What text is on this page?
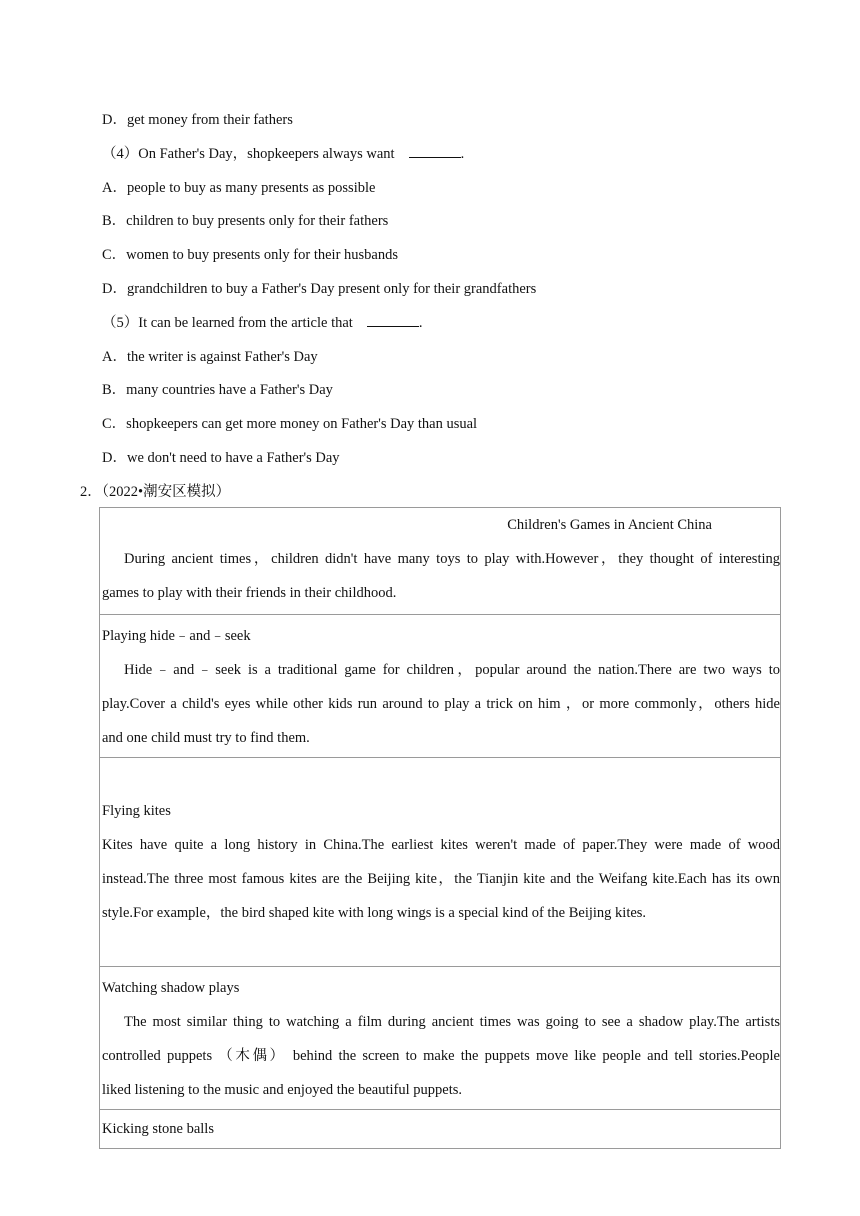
D．get money from their fathers
（4）On Father's Day，shopkeepers always want	.
A．people to buy as many presents as possible
B．children to buy presents only for their fathers
C．women to buy presents only for their husbands
D．grandchildren to buy a Father's Day present only for their grandfathers
（5）It can be learned from the article that	.
A．the writer is against Father's Day
B．many countries have a Father's Day
C．shopkeepers can get more money on Father's Day than usual
D．we don't need to have a Father's Day
2．（2022•潮安区模拟）
Children's Games in Ancient China
During ancient times，children didn't have many toys to play with.However，they thought of interesting
games to play with their friends in their childhood.

Playing hide﹣and﹣seek
Hide﹣and﹣seek is a traditional game for children，popular around the nation.There are two ways to
play.Cover a child's eyes while other kids run around to play a trick on him ，or more commonly，others hide
and one child must try to find them.

Flying kites
Kites have quite a long history in China.The earliest kites weren't made of paper.They were made of wood
instead.The three most famous kites are the Beijing kite，the Tianjin kite and the Weifang kite.Each has its own
style.For example，the bird shaped kite with long wings is a special kind of the Beijing kites.

Watching shadow plays
The most similar thing to watching a film during ancient times was going to see a shadow play.The artists
controlled puppets （木偶） behind the screen to make the puppets move like people and tell stories.People
liked listening to the music and enjoyed the beautiful puppets.

Kicking stone balls
